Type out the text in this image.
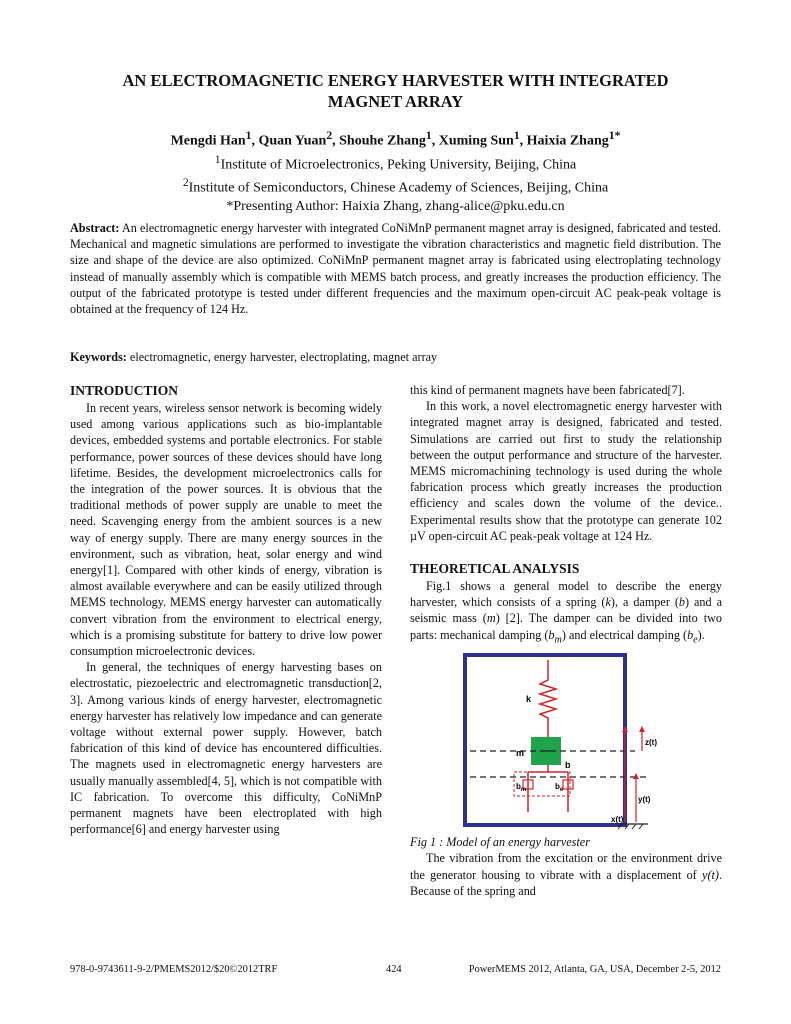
AN ELECTROMAGNETIC ENERGY HARVESTER WITH INTEGRATED
MAGNET ARRAY
Mengdi Han$^1$, Quan Yuan$^2$, Shouhe Zhang$^1$, Xuming Sun$^1$, Haixia Zhang$^{1*}$
$^1$Institute of Microelectronics, Peking University, Beijing, China
$^2$Institute of Semiconductors, Chinese Academy of Sciences, Beijing, China
*Presenting Author: Haixia Zhang, zhang-alice@pku.edu.cn
Abstract: An electromagnetic energy harvester with integrated CoNiMnP permanent magnet array is designed, fabricated and tested. Mechanical and magnetic simulations are performed to investigate the vibration characteristics and magnetic field distribution. The size and shape of the device are also optimized. CoNiMnP permanent magnet array is fabricated using electroplating technology instead of manually assembly which is compatible with MEMS batch process, and greatly increases the production efficiency. The output of the fabricated prototype is tested under different frequencies and the maximum open-circuit AC peak-peak voltage is obtained at the frequency of 124 Hz.
Keywords: electromagnetic, energy harvester, electroplating, magnet array
INTRODUCTION

In recent years, wireless sensor network is becoming widely used among various applications such as bio-implantable devices, embedded systems and portable electronics. For stable performance, power sources of these devices should have long lifetime. Besides, the development microelectronics calls for the integration of the power sources. It is obvious that the traditional methods of power supply are unable to meet the need. Scavenging energy from the ambient sources is a new way of energy supply. There are many energy sources in the environment, such as vibration, heat, solar energy and wind energy[1]. Compared with other kinds of energy, vibration is almost available everywhere and can be easily utilized through MEMS technology. MEMS energy harvester can automatically convert vibration from the environment to electrical energy, which is a promising substitute for battery to drive low power consumption microelectronic devices.

In general, the techniques of energy harvesting bases on electrostatic, piezoelectric and electromagnetic transduction[2, 3]. Among various kinds of energy harvester, electromagnetic energy harvester has relatively low impedance and can generate voltage without external power supply. However, batch fabrication of this kind of device has encountered difficulties. The magnets used in electromagnetic energy harvesters are usually manually assembled[4, 5], which is not compatible with IC fabrication. To overcome this difficulty, CoNiMnP permanent magnets have been electroplated with high performance[6] and energy harvester using

this kind of permanent magnets have been fabricated[7].

In this work, a novel electromagnetic energy harvester with integrated magnet array is designed, fabricated and tested. Simulations are carried out first to study the relationship between the output performance and structure of the harvester. MEMS micromachining technology is used during the whole fabrication process which greatly increases the production efficiency and scales down the volume of the device.. Experimental results show that the prototype can generate 102 µV open-circuit AC peak-peak voltage at 124 Hz.

THEORETICAL ANALYSIS

Fig.1 shows a general model to describe the energy harvester, which consists of a spring (k), a damper (b) and a seismic mass (m) [2]. The damper can be divided into two parts: mechanical damping $(b_m)$ and electrical damping $(b_e)$.

k
m
b
$b_m$	$b_e$
z(t)
y(t)
x(t)
Fig 1 : Model of an energy harvester

The vibration from the excitation or the environment drive the generator housing to vibrate with a displacement of y(t). Because of the spring and

978-0-9743611-9-2/PMEMS2012/$20©2012TRF	424	PowerMEMS 2012, Atlanta, GA, USA, December 2-5, 2012
